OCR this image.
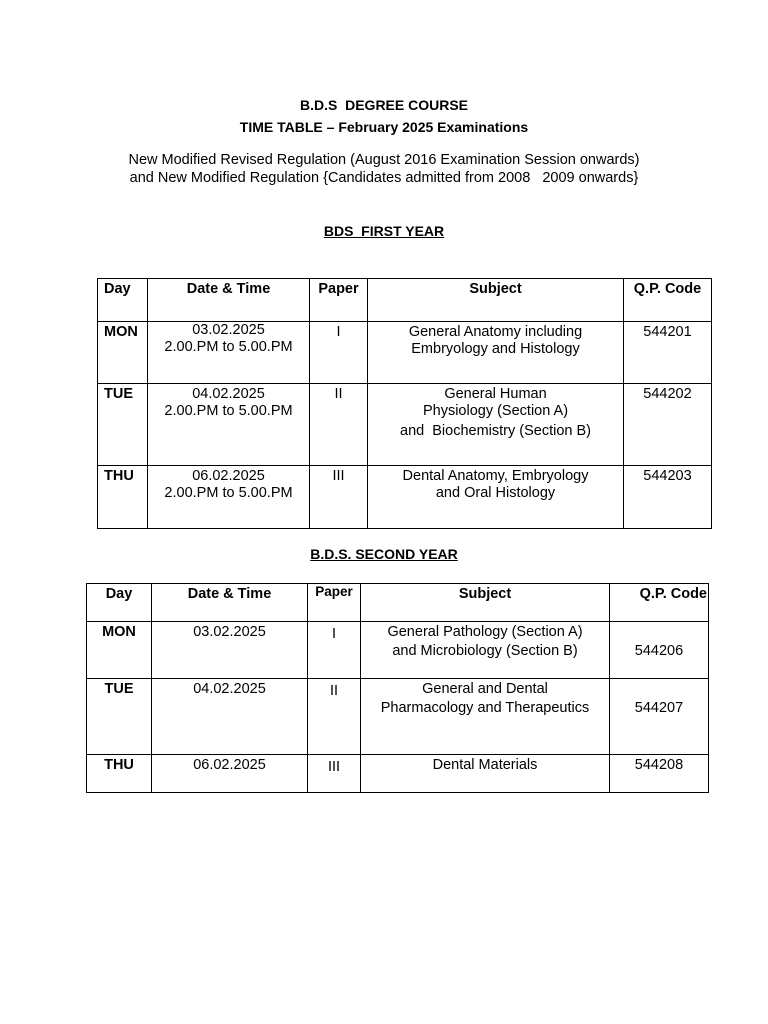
B.D.S  DEGREE COURSE
TIME TABLE – February 2025 Examinations
New Modified Revised Regulation (August 2016 Examination Session onwards)
and New Modified Regulation {Candidates admitted from 2008   2009 onwards}
BDS  FIRST YEAR
Day	Date & Time	Paper	Subject	Q.P. Code
MON	03.02.2025
2.00.PM to 5.00.PM	I	General Anatomy including
Embryology and Histology	544201
TUE	04.02.2025
2.00.PM to 5.00.PM	II	General Human
Physiology (Section A)
and  Biochemistry (Section B)	544202
THU	06.02.2025
2.00.PM to 5.00.PM	III	Dental Anatomy, Embryology
and Oral Histology	544203
B.D.S. SECOND YEAR
Day	Date & Time	Paper	Subject	Q.P. Code
MON	03.02.2025	I	General Pathology (Section A)
and Microbiology (Section B)	544206
TUE	04.02.2025	II	General and Dental
Pharmacology and Therapeutics	544207
THU	06.02.2025	III	Dental Materials	544208
